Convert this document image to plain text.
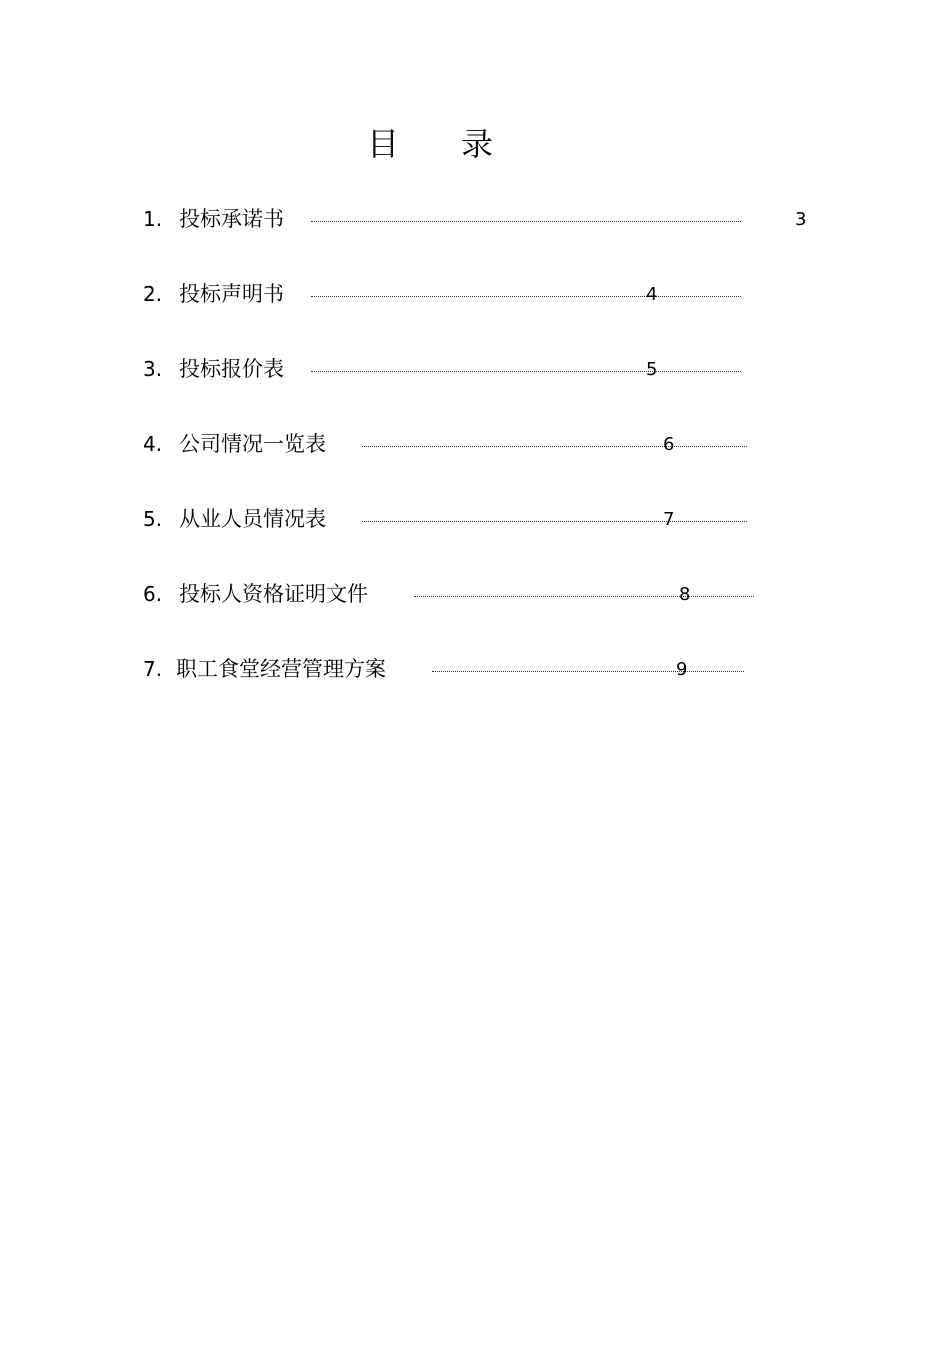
目 录
1. 投标承诺书	3
2. 投标声明书	4
3. 投标报价表	5
4. 公司情况一览表	6
5. 从业人员情况表	7
6. 投标人资格证明文件	8
7. 职工食堂经营管理方案	9
